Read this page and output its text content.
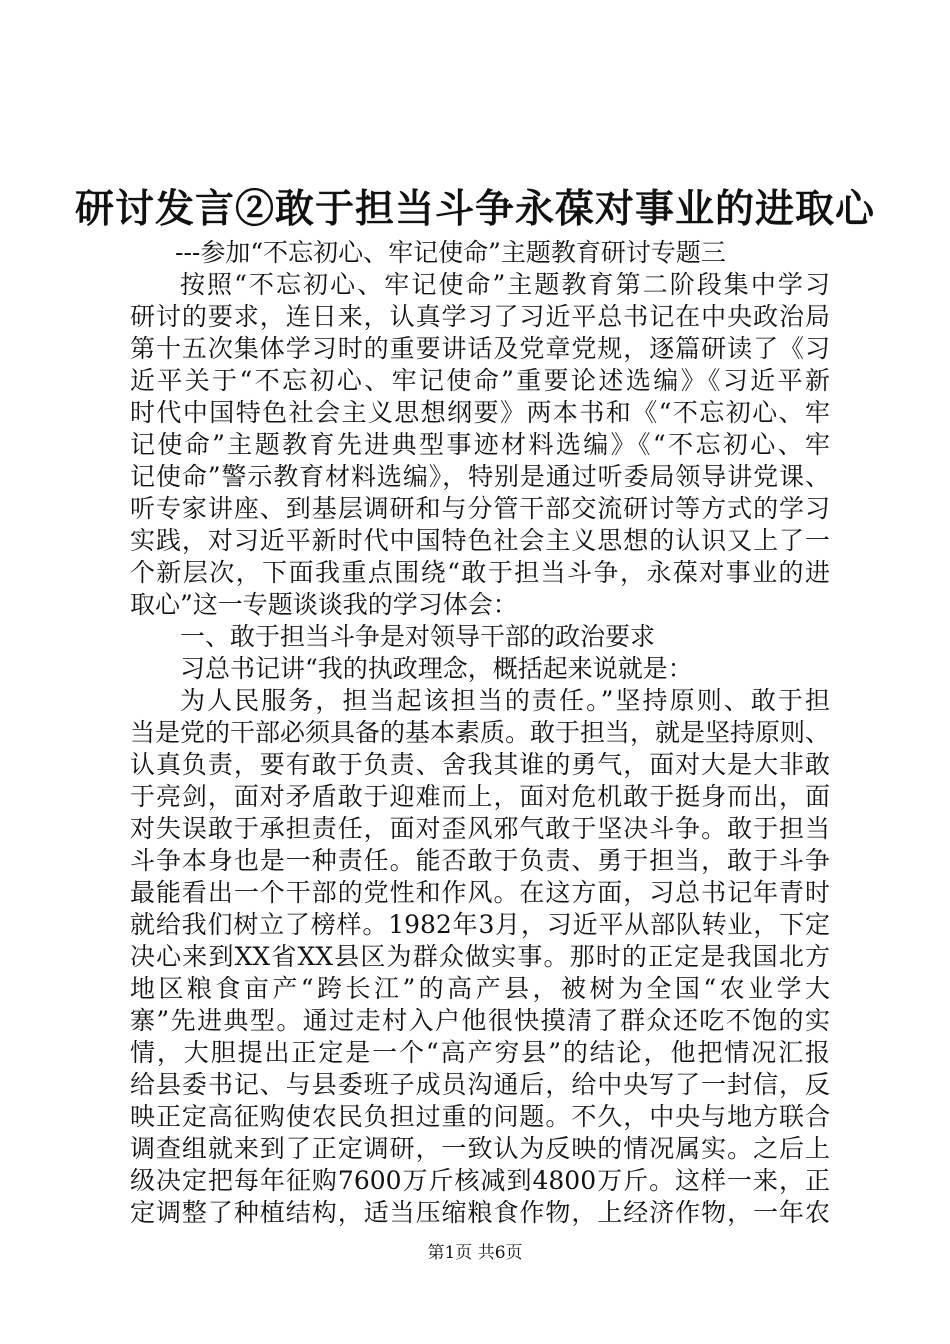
研讨发言②敢于担当斗争永葆对事业的进取心
---参加“不忘初心、牢记使命”主题教育研讨专题三
按照“不忘初心、牢记使命”主题教育第二阶段集中学习
研讨的要求，连日来，认真学习了习近平总书记在中央政治局
第十五次集体学习时的重要讲话及党章党规，逐篇研读了《习
近平关于“不忘初心、牢记使命”重要论述选编》《习近平新
时代中国特色社会主义思想纲要》两本书和《“不忘初心、牢
记使命”主题教育先进典型事迹材料选编》《“不忘初心、牢
记使命”警示教育材料选编》，特别是通过听委局领导讲党课、
听专家讲座、到基层调研和与分管干部交流研讨等方式的学习
实践，对习近平新时代中国特色社会主义思想的认识又上了一
个新层次，下面我重点围绕“敢于担当斗争，永葆对事业的进
取心”这一专题谈谈我的学习体会：
一、敢于担当斗争是对领导干部的政治要求
习总书记讲“我的执政理念，概括起来说就是：
为人民服务，担当起该担当的责任。”坚持原则、敢于担
当是党的干部必须具备的基本素质。敢于担当，就是坚持原则、
认真负责，要有敢于负责、舍我其谁的勇气，面对大是大非敢
于亮剑，面对矛盾敢于迎难而上，面对危机敢于挺身而出，面
对失误敢于承担责任，面对歪风邪气敢于坚决斗争。敢于担当
斗争本身也是一种责任。能否敢于负责、勇于担当，敢于斗争
最能看出一个干部的党性和作风。在这方面，习总书记年青时
就给我们树立了榜样。1982年3月，习近平从部队转业，下定
决心来到XX省XX县区为群众做实事。那时的正定是我国北方
地区粮食亩产“跨长江”的高产县，被树为全国“农业学大
寨”先进典型。通过走村入户他很快摸清了群众还吃不饱的实
情，大胆提出正定是一个“高产穷县”的结论，他把情况汇报
给县委书记、与县委班子成员沟通后，给中央写了一封信，反
映正定高征购使农民负担过重的问题。不久，中央与地方联合
调查组就来到了正定调研，一致认为反映的情况属实。之后上
级决定把每年征购7600万斤核减到4800万斤。这样一来，正
定调整了种植结构，适当压缩粮食作物，上经济作物，一年农
第1页 共6页
